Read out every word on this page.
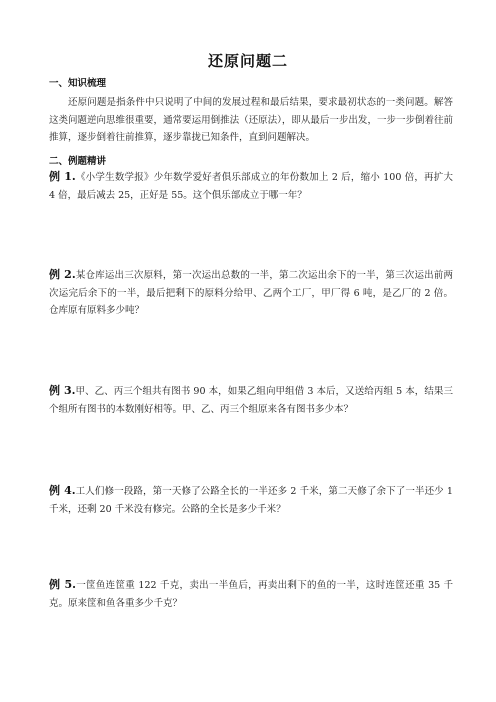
还原问题二
一、知识梳理
还原问题是指条件中只说明了中间的发展过程和最后结果，要求最初状态的一类问题。解答这类问题逆向思维很重要，通常要运用倒推法（还原法），即从最后一步出发，一步一步倒着往前推算，逐步倒着往前推算，逐步靠拢已知条件，直到问题解决。
二、例题精讲
例 1.《小学生数学报》少年数学爱好者俱乐部成立的年份数加上 2 后，缩小 100 倍，再扩大 4 倍，最后减去 25，正好是 55。这个俱乐部成立于哪一年？
例 2.某仓库运出三次原料，第一次运出总数的一半，第二次运出余下的一半，第三次运出前两次运完后余下的一半，最后把剩下的原料分给甲、乙两个工厂，甲厂得 6 吨，是乙厂的 2 倍。仓库原有原料多少吨？
例 3.甲、乙、丙三个组共有图书 90 本，如果乙组向甲组借 3 本后，又送给丙组 5 本，结果三个组所有图书的本数刚好相等。甲、乙、丙三个组原来各有图书多少本？
例 4.工人们修一段路，第一天修了公路全长的一半还多 2 千米，第二天修了余下了一半还少 1 千米，还剩 20 千米没有修完。公路的全长是多少千米？
例 5.一筐鱼连筐重 122 千克，卖出一半鱼后，再卖出剩下的鱼的一半，这时连筐还重 35 千克。原来筐和鱼各重多少千克？
